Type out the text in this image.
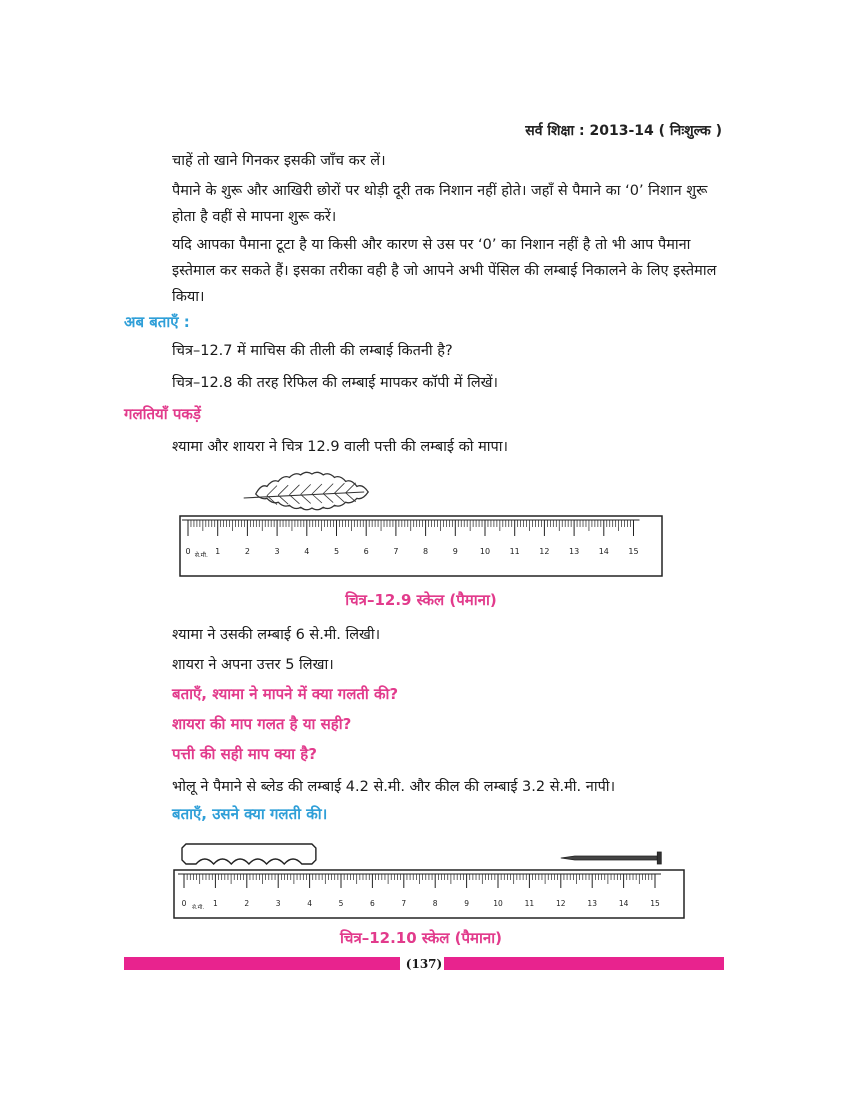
सर्व शिक्षा : 2013-14 ( निःशुल्क )
चाहें तो खाने गिनकर इसकी जाँच कर लें।
पैमाने के शुरू और आखिरी छोरों पर थोड़ी दूरी तक निशान नहीं होते। जहाँ से पैमाने का ‘0’ निशान शुरू होता है वहीं से मापना शुरू करें।
यदि आपका पैमाना टूटा है या किसी और कारण से उस पर ‘0’ का निशान नहीं है तो भी आप पैमाना इस्तेमाल कर सकते हैं। इसका तरीका वही है जो आपने अभी पेंसिल की लम्बाई निकालने के लिए इस्तेमाल किया।
अब बताएँ :
चित्र–12.7 में माचिस की तीली की लम्बाई कितनी है?
चित्र–12.8 की तरह रिफिल की लम्बाई मापकर कॉपी में लिखें।
गलतियाँ पकड़ें
श्यामा और शायरा ने चित्र 12.9 वाली पत्ती की लम्बाई को मापा।
0	1	2	3	4	5	6	7	8	9	10 11 12 13 14 15
से.मी.
चित्र–12.9 स्केल (पैमाना)
श्यामा ने उसकी लम्बाई 6 से.मी. लिखी।
शायरा ने अपना उत्तर 5 लिखा।
बताएँ, श्यामा ने मापने में क्या गलती की?
शायरा की माप गलत है या सही?
पत्ती की सही माप क्या है?
भोलू ने पैमाने से ब्लेड की लम्बाई 4.2 से.मी. और कील की लम्बाई 3.2 से.मी. नापी।
बताएँ, उसने क्या गलती की।
0	1	2	3	4	5	6	7	8	9	10	11	12	13	14	15
से.मी.
चित्र–12.10 स्केल (पैमाना)
(137)
